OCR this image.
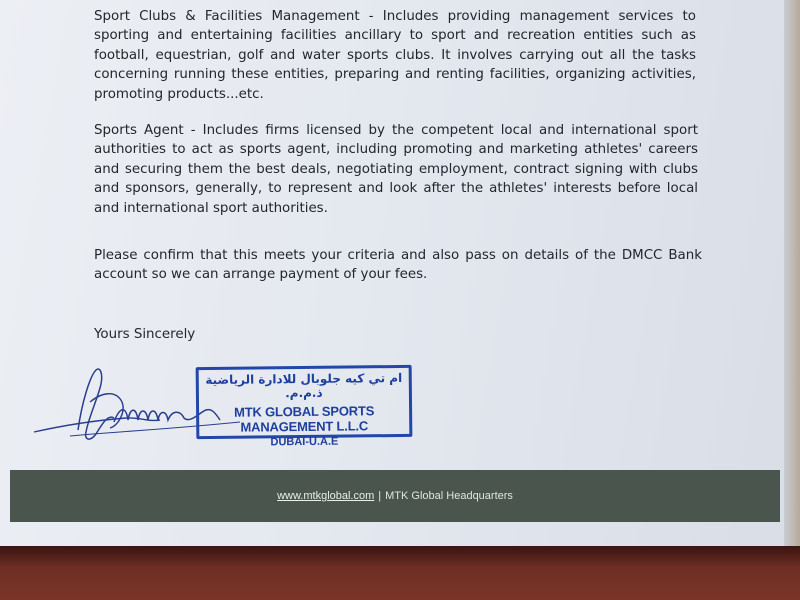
Sport Clubs & Facilities Management - Includes providing management services to sporting and entertaining facilities ancillary to sport and recreation entities such as football, equestrian, golf and water sports clubs. It involves carrying out all the tasks concerning running these entities, preparing and renting facilities, organizing activities, promoting products...etc.

Sports Agent - Includes firms licensed by the competent local and international sport authorities to act as sports agent, including promoting and marketing athletes' careers and securing them the best deals, negotiating employment, contract signing with clubs and sponsors, generally, to represent and look after the athletes' interests before local and international sport authorities.

Please confirm that this meets your criteria and also pass on details of the DMCC Bank account so we can arrange payment of your fees.

Yours Sincerely

ام تي كيه جلوبال للادارة الرياضية ذ.م.م.
MTK GLOBAL SPORTS MANAGEMENT L.L.C
DUBAI-U.A.E
www.mtkglobal.com | MTK Global Headquarters
